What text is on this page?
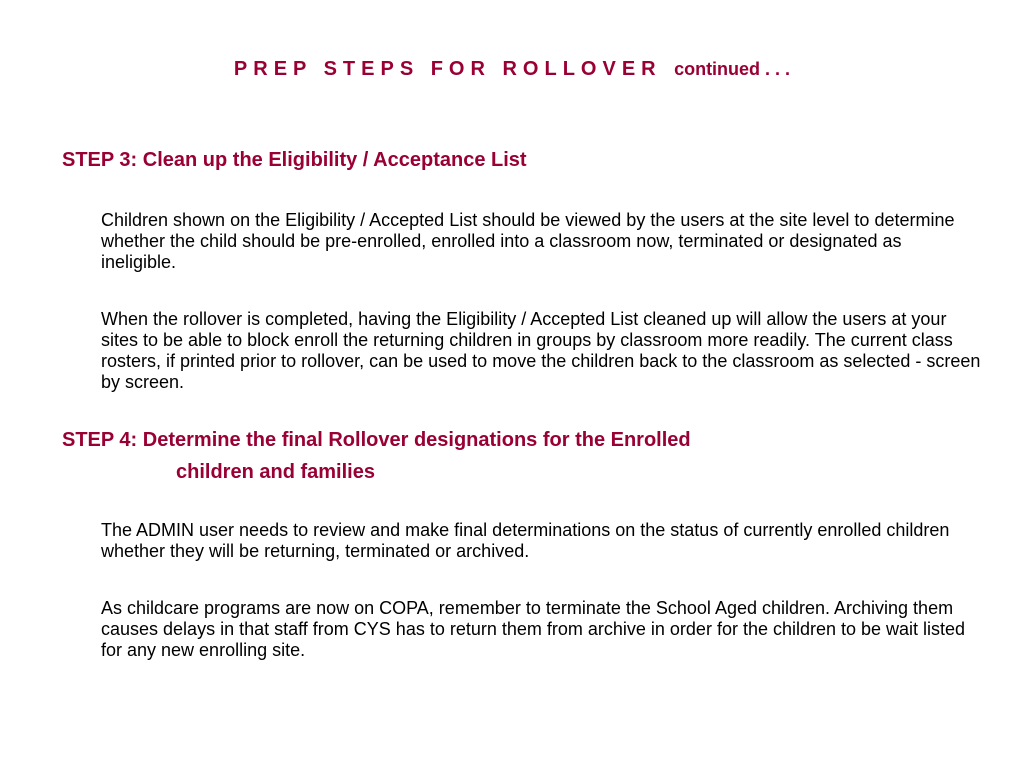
PREP STEPS FOR ROLLOVER continued . . .
STEP 3: Clean up the Eligibility / Acceptance List

Children shown on the Eligibility / Accepted List should be viewed by the users at the site level to determine whether the child should be pre-enrolled, enrolled into a classroom now, terminated or designated as ineligible.

When the rollover is completed, having the Eligibility / Accepted List cleaned up will allow the users at your sites to be able to block enroll the returning children in groups by classroom more readily. The current class rosters, if printed prior to rollover, can be used to move the children back to the classroom as selected - screen by screen.

STEP 4: Determine the final Rollover designations for the Enrolled
children and families

The ADMIN user needs to review and make final determinations on the status of currently enrolled children whether they will be returning, terminated or archived.

As childcare programs are now on COPA, remember to terminate the School Aged children. Archiving them causes delays in that staff from CYS has to return them from archive in order for the children to be wait listed for any new enrolling site.
